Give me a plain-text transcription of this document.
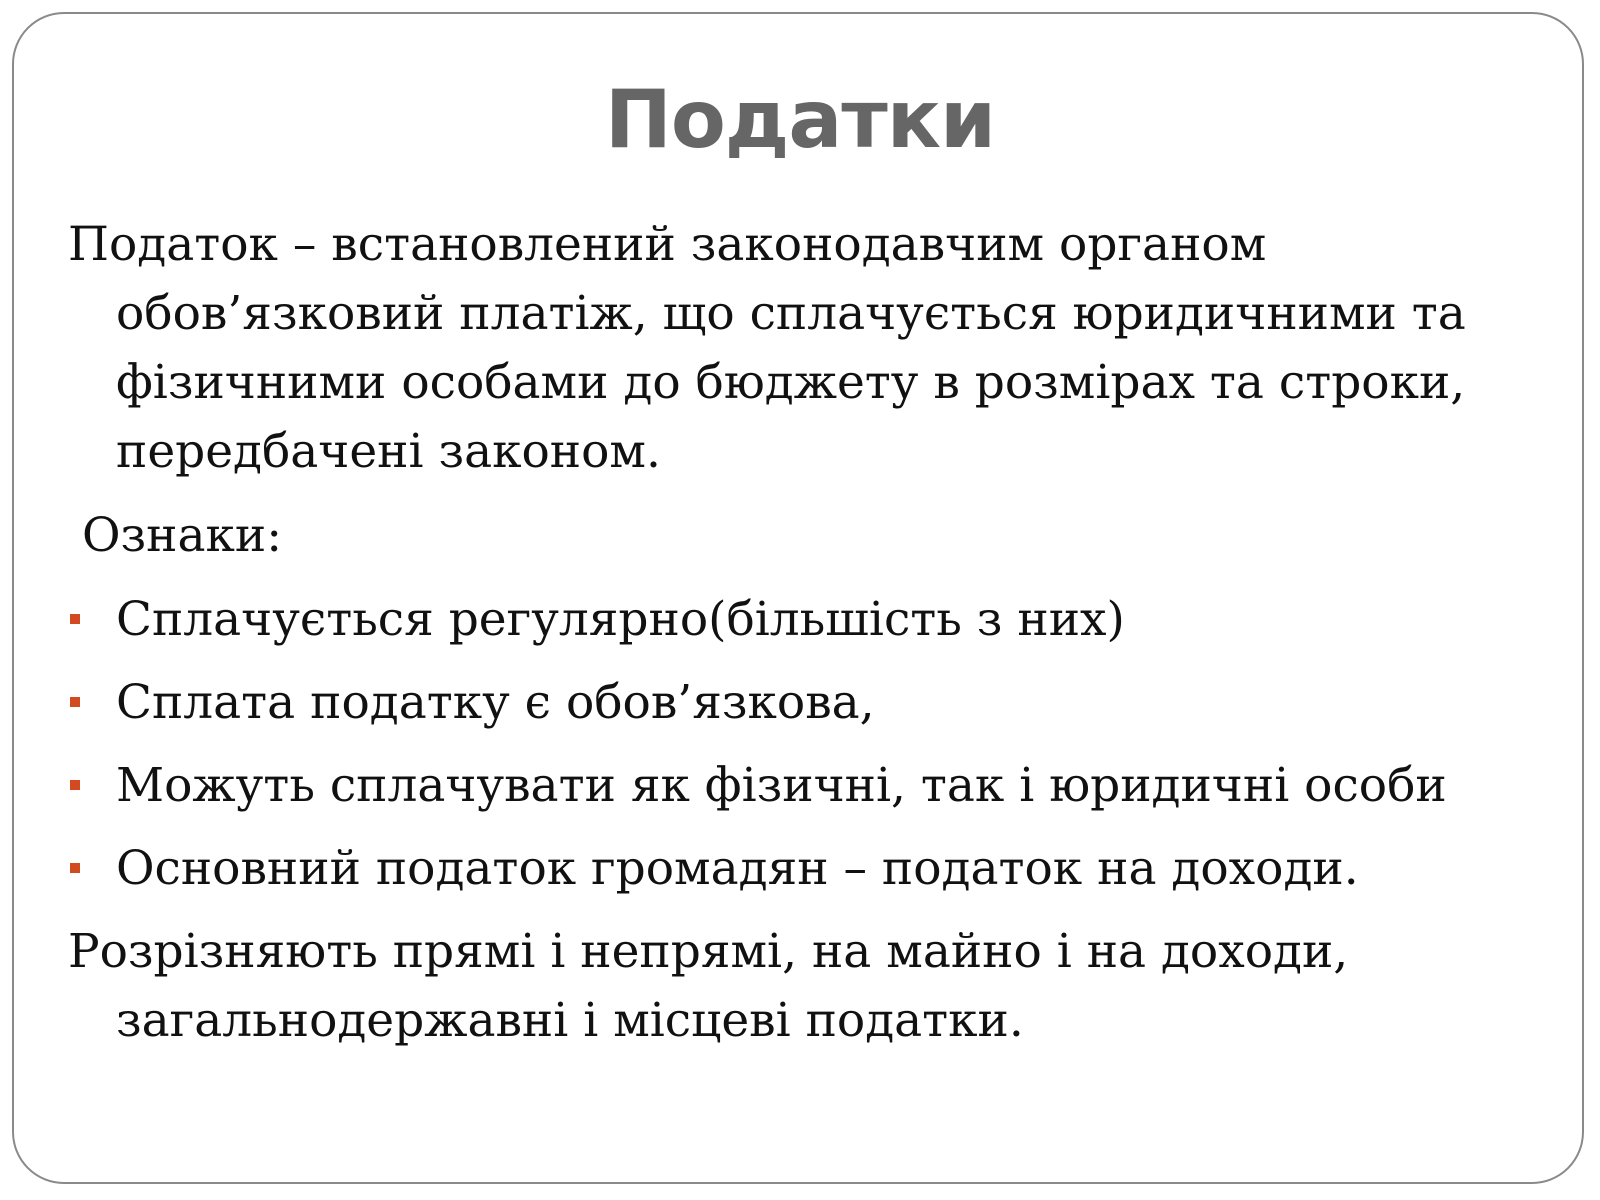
Податки

Податок – встановлений законодавчим органом обов’язковий платіж, що сплачується юридичними та фізичними особами до бюджету в розмірах та строки, передбачені законом.

Ознаки:

Сплачується регулярно(більшість з них)
Сплата податку є обов’язкова,
Можуть сплачувати як фізичні, так і юридичні особи
Основний податок громадян – податок на доходи.

Розрізняють прямі і непрямі, на майно і на доходи, загальнодержавні і місцеві податки.
